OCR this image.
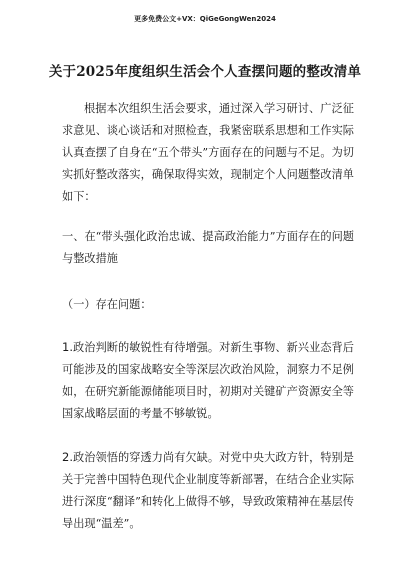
更多免费公文+VX：QiGeGongWen2024
关于2025年度组织生活会个人查摆问题的整改清单

根据本次组织生活会要求，通过深入学习研讨、广泛征求意见、谈心谈话和对照检查，我紧密联系思想和工作实际认真查摆了自身在“五个带头”方面存在的问题与不足。为切实抓好整改落实，确保取得实效，现制定个人问题整改清单如下：

一、在“带头强化政治忠诚、提高政治能力”方面存在的问题与整改措施

（一）存在问题：

1.政治判断的敏锐性有待增强。对新生事物、新兴业态背后可能涉及的国家战略安全等深层次政治风险，洞察力不足例如，在研究新能源储能项目时，初期对关键矿产资源安全等国家战略层面的考量不够敏锐。

2.政治领悟的穿透力尚有欠缺。对党中央大政方针，特别是关于完善中国特色现代企业制度等新部署，在结合企业实际进行深度“翻译”和转化上做得不够，导致政策精神在基层传导出现“温差”。
